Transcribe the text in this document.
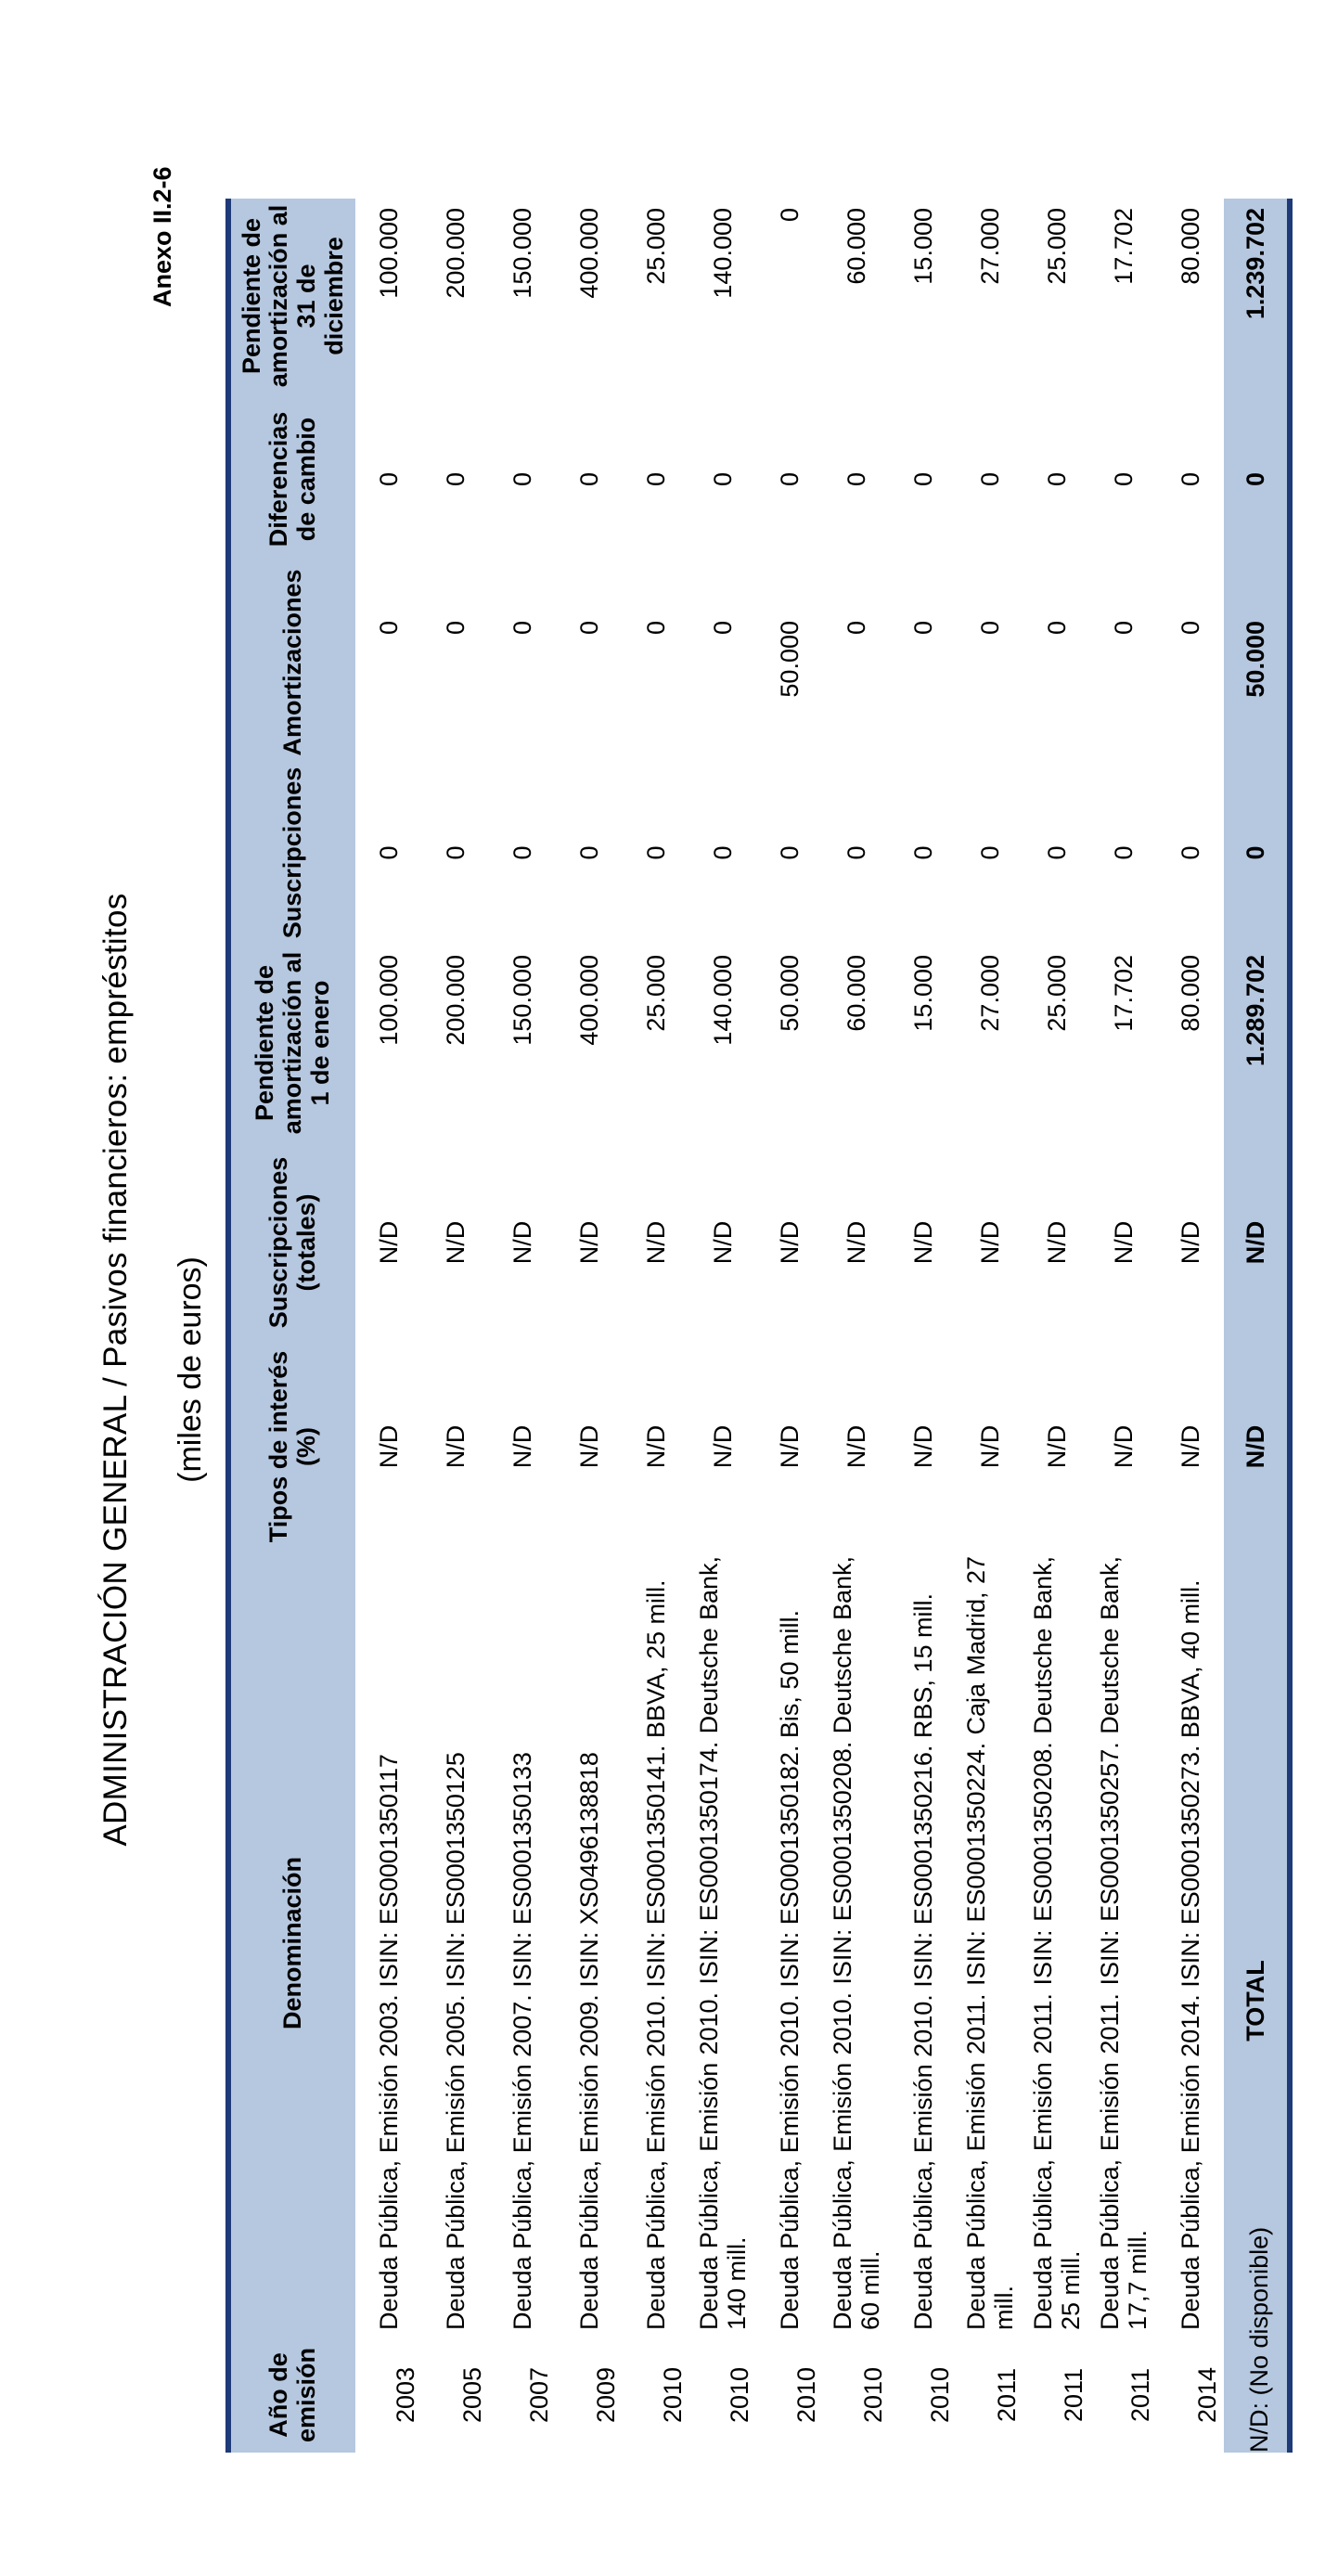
Anexo II.2-6
ADMINISTRACIÓN GENERAL / Pasivos financieros: empréstitos (miles de euros)
Año de emisión	Denominación	Tipos de interés (%)	Suscripciones (totales)	Pendiente de amortización al 1 de enero	Suscripciones	Amortizaciones	Diferencias de cambio	Pendiente de amortización al 31 de diciembre
2003	Deuda Pública, Emisión 2003. ISIN: ES0001350117	N/D	N/D	100.000	0	0	0	100.000
2005	Deuda Pública, Emisión 2005. ISIN: ES0001350125	N/D	N/D	200.000	0	0	0	200.000
2007	Deuda Pública, Emisión 2007. ISIN: ES0001350133	N/D	N/D	150.000	0	0	0	150.000
2009	Deuda Pública, Emisión 2009. ISIN: XS0496138818	N/D	N/D	400.000	0	0	0	400.000
2010	Deuda Pública, Emisión 2010. ISIN: ES0001350141. BBVA, 25 mill.	N/D	N/D	25.000	0	0	0	25.000
2010	Deuda Pública, Emisión 2010. ISIN: ES0001350174. Deutsche Bank, 140 mill.	N/D	N/D	140.000	0	0	0	140.000
2010	Deuda Pública, Emisión 2010. ISIN: ES0001350182. Bis, 50 mill.	N/D	N/D	50.000	0	50.000	0	0
2010	Deuda Pública, Emisión 2010. ISIN: ES0001350208. Deutsche Bank, 60 mill.	N/D	N/D	60.000	0	0	0	60.000
2010	Deuda Pública, Emisión 2010. ISIN: ES0001350216. RBS, 15 mill.	N/D	N/D	15.000	0	0	0	15.000
2011	Deuda Pública, Emisión 2011. ISIN: ES0001350224. Caja Madrid, 27 mill.	N/D	N/D	27.000	0	0	0	27.000
2011	Deuda Pública, Emisión 2011. ISIN: ES0001350208. Deutsche Bank, 25 mill.	N/D	N/D	25.000	0	0	0	25.000
2011	Deuda Pública, Emisión 2011. ISIN: ES0001350257. Deutsche Bank, 17,7 mill.	N/D	N/D	17.702	0	0	0	17.702
2014	Deuda Pública, Emisión 2014. ISIN: ES0001350273. BBVA, 40 mill.	N/D	N/D	80.000	0	0	0	80.000
TOTAL		N/D	N/D	1.289.702	0	50.000	0	1.239.702
N/D: (No disponible)
